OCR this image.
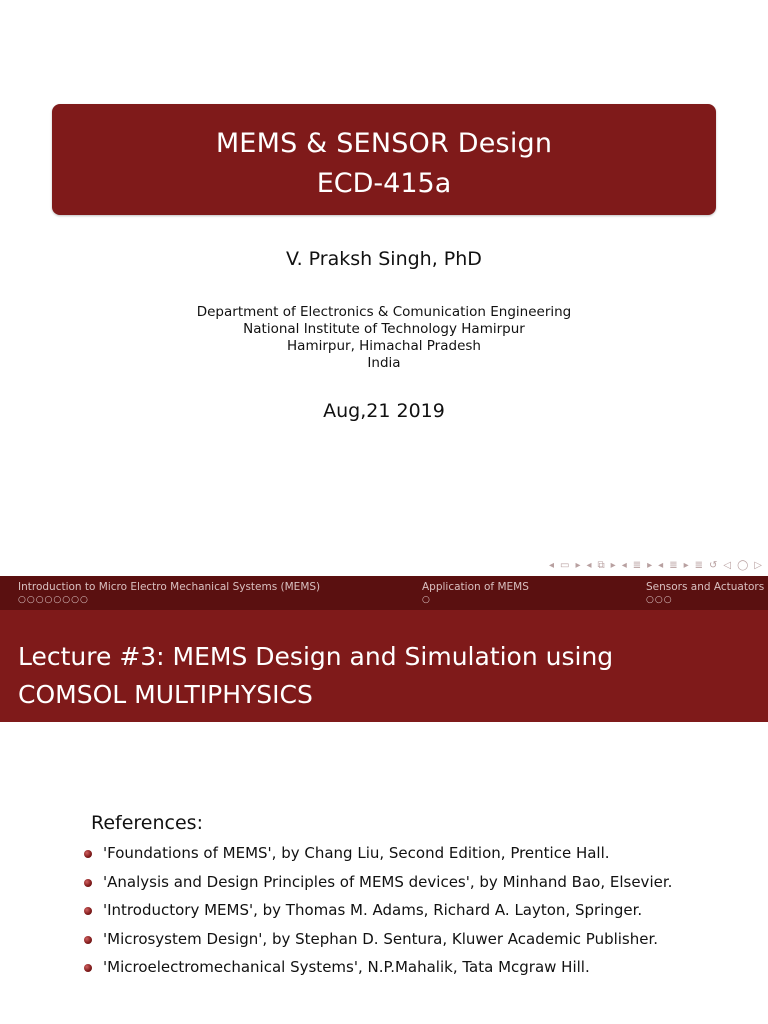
MEMS & SENSOR Design
ECD-415a
V. Praksh Singh, PhD
Department of Electronics & Comunication Engineering
National Institute of Technology Hamirpur
Hamirpur, Himachal Pradesh
India
Aug,21 2019
◂ ▭ ▸ ◂ ⧉ ▸ ◂ ≣ ▸ ◂ ≣ ▸ ≣ ↺ ◁ ◯ ▷
Introduction to Micro Electro Mechanical Systems (MEMS)
○○○○○○○○
Application of MEMS
○
Sensors and Actuators
○○○
Lecture #3: MEMS Design and Simulation using
COMSOL MULTIPHYSICS
References:
'Foundations of MEMS', by Chang Liu, Second Edition, Prentice Hall.
'Analysis and Design Principles of MEMS devices', by Minhand Bao, Elsevier.
'Introductory MEMS', by Thomas M. Adams, Richard A. Layton, Springer.
'Microsystem Design', by Stephan D. Sentura, Kluwer Academic Publisher.
'Microelectromechanical Systems', N.P.Mahalik, Tata Mcgraw Hill.
